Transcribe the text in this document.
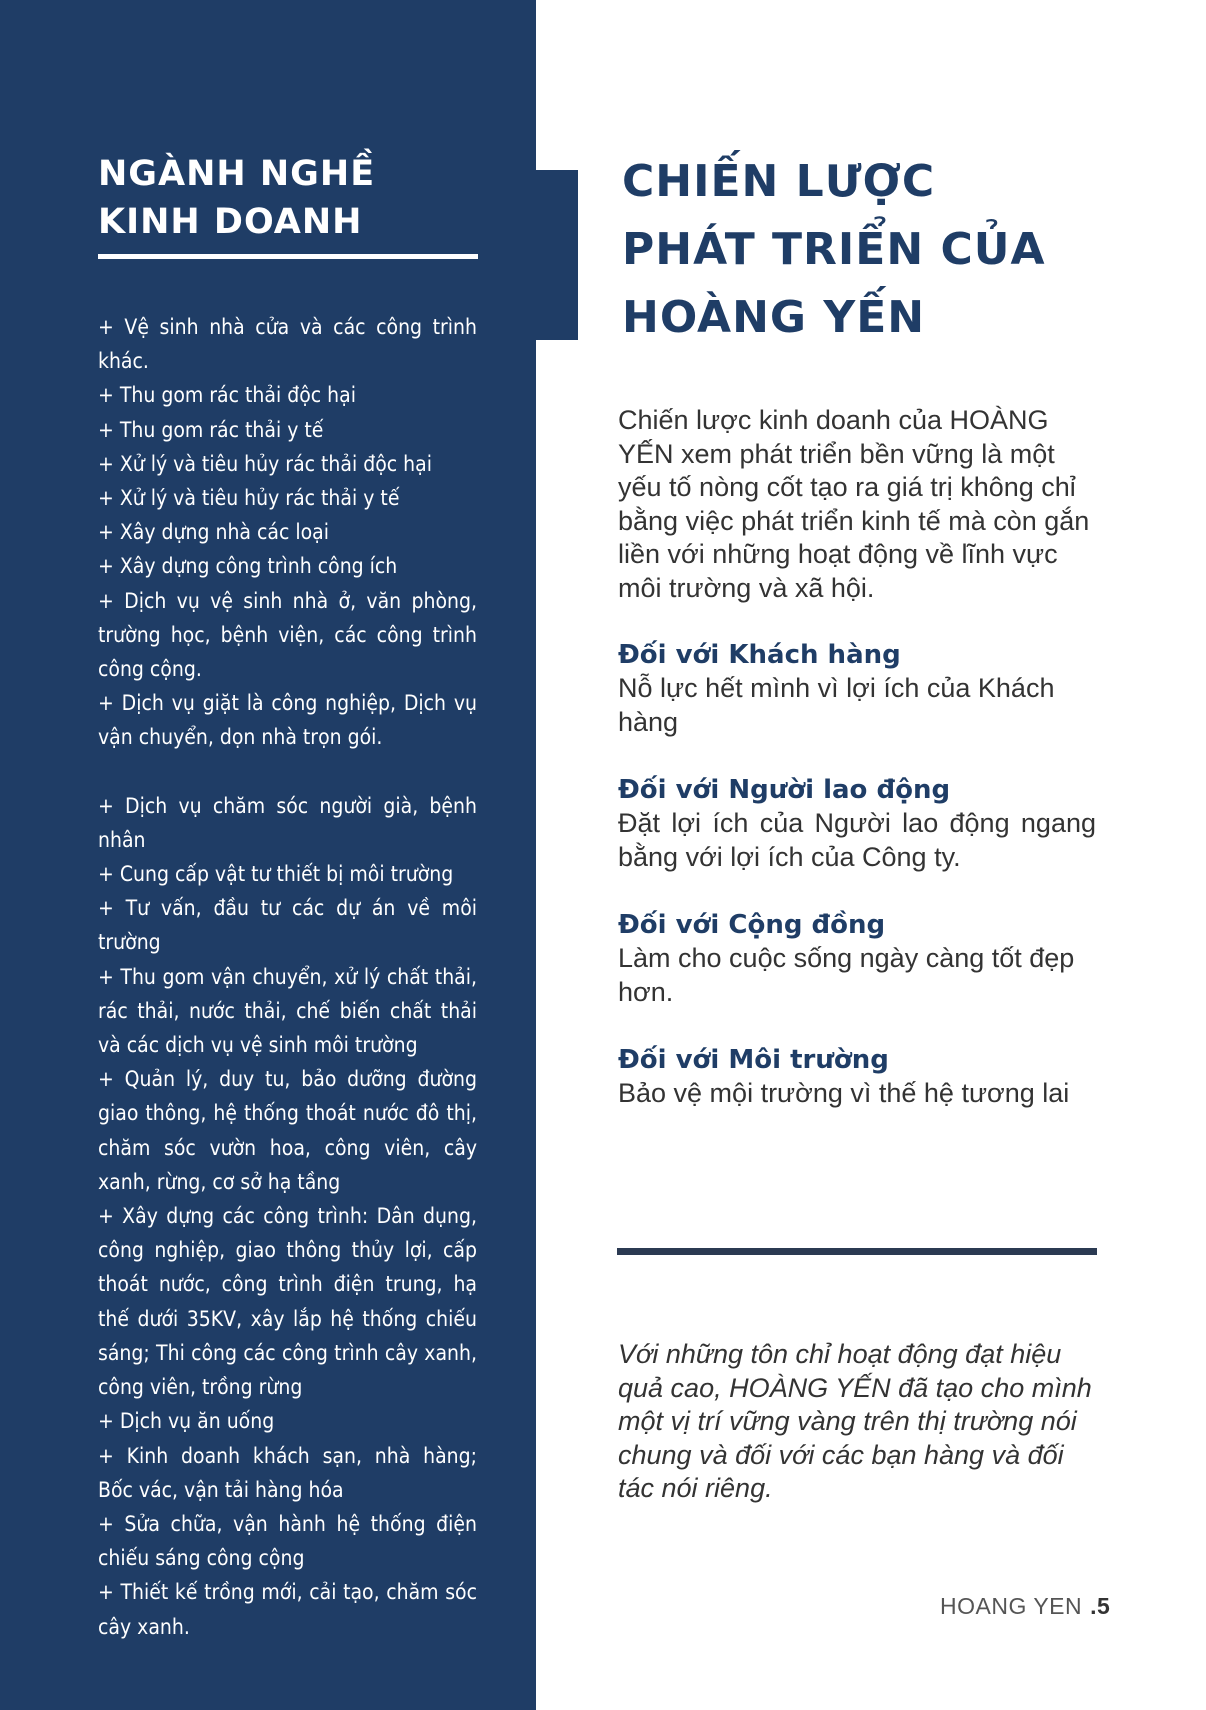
NGÀNH NGHỀ
KINH DOANH
+ Vệ sinh nhà cửa và các công trình khác.
+ Thu gom rác thải độc hại
+ Thu gom rác thải y tế
+ Xử lý và tiêu hủy rác thải độc hại
+ Xử lý và tiêu hủy rác thải y tế
+ Xây dựng nhà các loại
+ Xây dựng công trình công ích
+ Dịch vụ vệ sinh nhà ở, văn phòng, trường học, bệnh viện, các công trình công cộng.
+ Dịch vụ giặt là công nghiệp, Dịch vụ vận chuyển, dọn nhà trọn gói.
+ Dịch vụ chăm sóc người già, bệnh nhân
+ Cung cấp vật tư thiết bị môi trường
+ Tư vấn, đầu tư các dự án về môi trường
+ Thu gom vận chuyển, xử lý chất thải, rác thải, nước thải, chế biến chất thải và các dịch vụ vệ sinh môi trường
+ Quản lý, duy tu, bảo dưỡng đường giao thông, hệ thống thoát nước đô thị, chăm sóc vườn hoa, công viên, cây xanh, rừng, cơ sở hạ tầng
+ Xây dựng các công trình: Dân dụng, công nghiệp, giao thông thủy lợi, cấp thoát nước, công trình điện trung, hạ thế dưới 35KV, xây lắp hệ thống chiếu sáng; Thi công các công trình cây xanh, công viên, trồng rừng
+ Dịch vụ ăn uống
+ Kinh doanh khách sạn, nhà hàng; Bốc vác, vận tải hàng hóa
+ Sửa chữa, vận hành hệ thống điện chiếu sáng công cộng
+ Thiết kế trồng mới, cải tạo, chăm sóc cây xanh.
CHIẾN LƯỢC
PHÁT TRIỂN CỦA
HOÀNG YẾN

Chiến lược kinh doanh của HOÀNG YẾN xem phát triển bền vững là một yếu tố nòng cốt tạo ra giá trị không chỉ bằng việc phát triển kinh tế mà còn gắn liền với những hoạt động về lĩnh vực môi trường và xã hội.

Đối với Khách hàng

Nỗ lực hết mình vì lợi ích của Khách hàng

Đối với Người lao động

Đặt lợi ích của Người lao động ngang bằng với lợi ích của Công ty.

Đối với Cộng đồng

Làm cho cuộc sống ngày càng tốt đẹp hơn.

Đối với Môi trường

Bảo vệ mội trường vì thế hệ tương lai

Với những tôn chỉ hoạt động đạt hiệu quả cao, HOÀNG YẾN đã tạo cho mình một vị trí vững vàng trên thị trường nói chung và đối với các bạn hàng và đối tác nói riêng.

HOANG YEN .5
